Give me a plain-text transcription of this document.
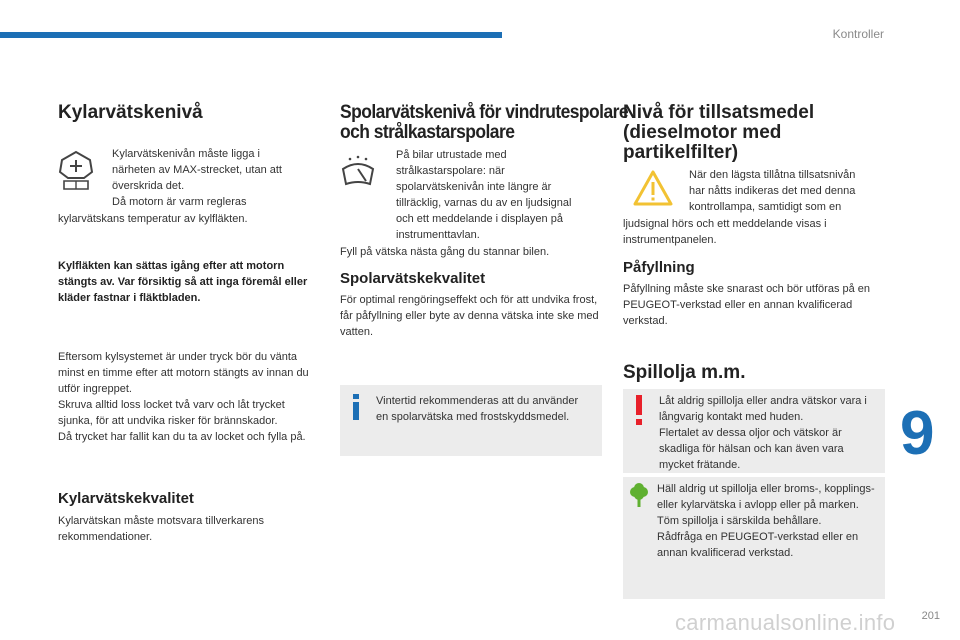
Kontroller
Kylarvätskenivå

Kylarvätskenivån måste ligga i

närheten av MAX-strecket, utan att

överskrida det.

Då motorn är varm regleras

kylarvätskans temperatur av kylfläkten.

Kylfläkten kan sättas igång efter att motorn stängts av. Var försiktig så att inga föremål eller kläder fastnar i fläktbladen.

Eftersom kylsystemet är under tryck bör du vänta minst en timme efter att motorn stängts av innan du utför ingreppet.
Skruva alltid loss locket två varv och låt trycket sjunka, för att undvika risker för brännskador.
Då trycket har fallit kan du ta av locket och fylla på.

Kylarvätskekvalitet

Kylarvätskan måste motsvara tillverkarens rekommendationer.

Spolarvätskenivå för vindrutespolare
och strålkastarspolare

På bilar utrustade med

strålkastarspolare: när

spolarvätskenivån inte längre är

tillräcklig, varnas du av en ljudsignal

och ett meddelande i displayen på

instrumenttavlan.

Fyll på vätska nästa gång du stannar bilen.

Spolarvätskekvalitet

För optimal rengöringseffekt och för att undvika frost, får påfyllning eller byte av denna vätska inte ske med vatten.

Vintertid rekommenderas att du använder en spolarvätska med frostskyddsmedel.

Nivå för tillsatsmedel (dieselmotor med partikelfilter)

När den lägsta tillåtna tillsatsnivån

har nåtts indikeras det med denna

kontrollampa, samtidigt som en

ljudsignal hörs och ett meddelande visas i instrumentpanelen.

Påfyllning

Påfyllning måste ske snarast och bör utföras på en PEUGEOT-verkstad eller en annan kvalificerad verkstad.

Spillolja m.m.

Låt aldrig spillolja eller andra vätskor vara i långvarig kontakt med huden.
Flertalet av dessa oljor och vätskor är skadliga för hälsan och kan även vara mycket frätande.

Häll aldrig ut spillolja eller broms-, kopplings- eller kylarvätska i avlopp eller på marken.
Töm spillolja i särskilda behållare.
Rådfråga en PEUGEOT-verkstad eller en annan kvalificerad verkstad.

9
carmanualsonline.info 201
